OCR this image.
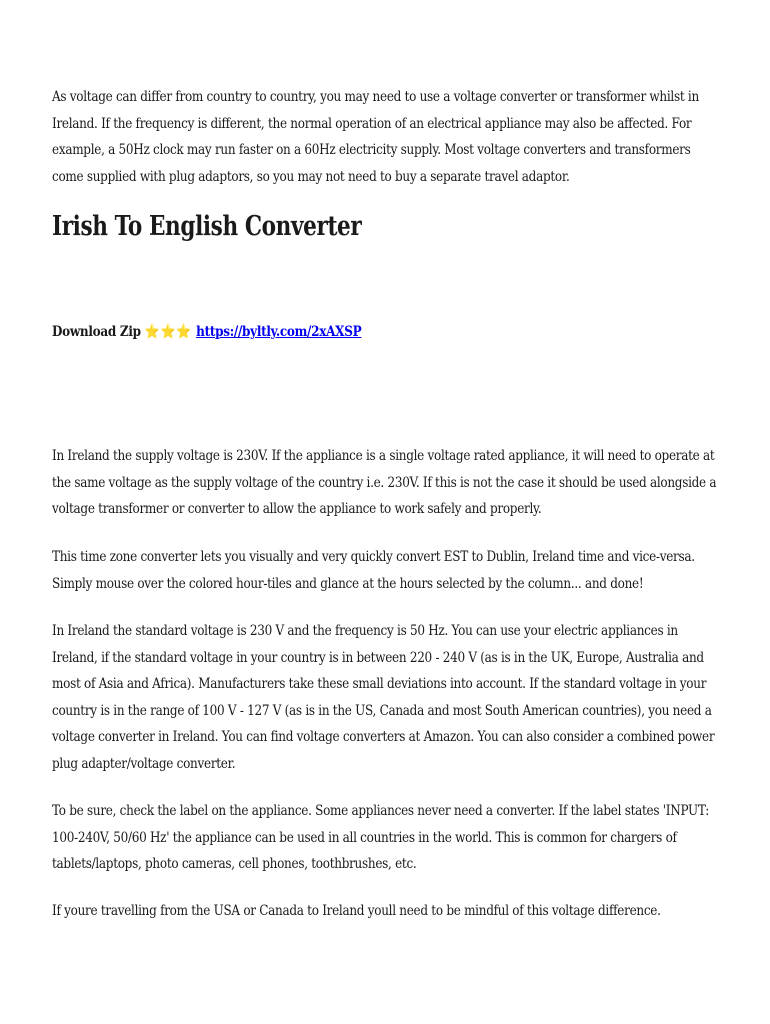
As voltage can differ from country to country, you may need to use a voltage converter or transformer whilst in Ireland. If the frequency is different, the normal operation of an electrical appliance may also be affected. For example, a 50Hz clock may run faster on a 60Hz electricity supply. Most voltage converters and transformers come supplied with plug adaptors, so you may not need to buy a separate travel adaptor.

Irish To English Converter

Download Zip ⭐⭐⭐ https://byltly.com/2xAXSP

In Ireland the supply voltage is 230V. If the appliance is a single voltage rated appliance, it will need to operate at the same voltage as the supply voltage of the country i.e. 230V. If this is not the case it should be used alongside a voltage transformer or converter to allow the appliance to work safely and properly.

This time zone converter lets you visually and very quickly convert EST to Dublin, Ireland time and vice-versa. Simply mouse over the colored hour-tiles and glance at the hours selected by the column... and done!

In Ireland the standard voltage is 230 V and the frequency is 50 Hz. You can use your electric appliances in Ireland, if the standard voltage in your country is in between 220 - 240 V (as is in the UK, Europe, Australia and most of Asia and Africa). Manufacturers take these small deviations into account. If the standard voltage in your country is in the range of 100 V - 127 V (as is in the US, Canada and most South American countries), you need a voltage converter in Ireland. You can find voltage converters at Amazon. You can also consider a combined power plug adapter/voltage converter.

To be sure, check the label on the appliance. Some appliances never need a converter. If the label states 'INPUT: 100-240V, 50/60 Hz' the appliance can be used in all countries in the world. This is common for chargers of tablets/laptops, photo cameras, cell phones, toothbrushes, etc.

If youre travelling from the USA or Canada to Ireland youll need to be mindful of this voltage difference.
